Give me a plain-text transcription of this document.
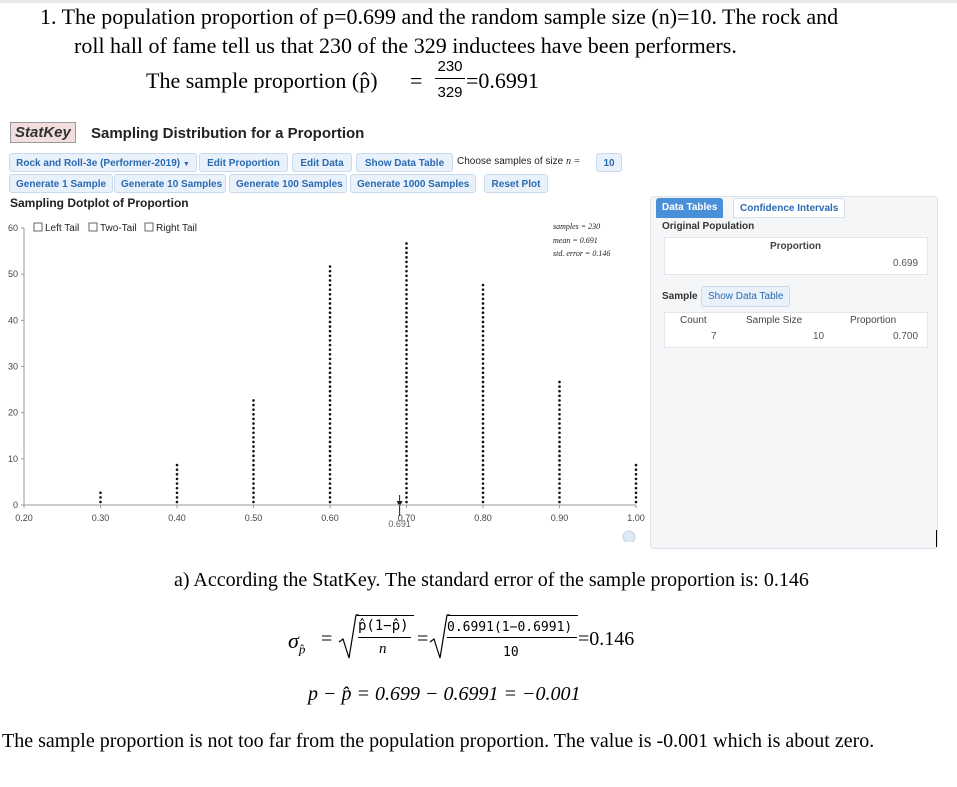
1. The population proportion of p=0.699 and the random sample size (n)=10. The rock and
roll hall of fame tell us that 230 of the 329 inductees have been performers.
The sample proportion (p̂) =
230
329 =0.6991
StatKey	Sampling Distribution for a Proportion
Rock and Roll-3e (Performer-2019) ▼	Edit Proportion	Edit Data	Show Data Table	Choose samples of size n =	10
Generate 1 Sample	Generate 10 Samples	Generate 100 Samples	Generate 1000 Samples	Reset Plot
Sampling Dotplot of Proportion
0
10
20
30
40
50
60
0.20	0.30	0.40	0.50	0.60	0.70	0.80	0.90	1.00
Left Tail Two-Tail Right Tail	samples = 230
mean = 0.691
std. error = 0.146
0.691
Data Tables	Confidence Intervals
Original Population
Proportion
0.699
Sample	Show Data Table
Count	Sample Size	Proportion
7	10	0.700
a) According the StatKey. The standard error of the sample proportion is: 0.146
$\sigma_{p̂}$ =
p̂(1−p̂)
n =
0.6991(1−0.6991)
10
=0.146
p − p̂ = 0.699 − 0.6991 = −0.001
The sample proportion is not too far from the population proportion. The value is -0.001 which is about zero.
